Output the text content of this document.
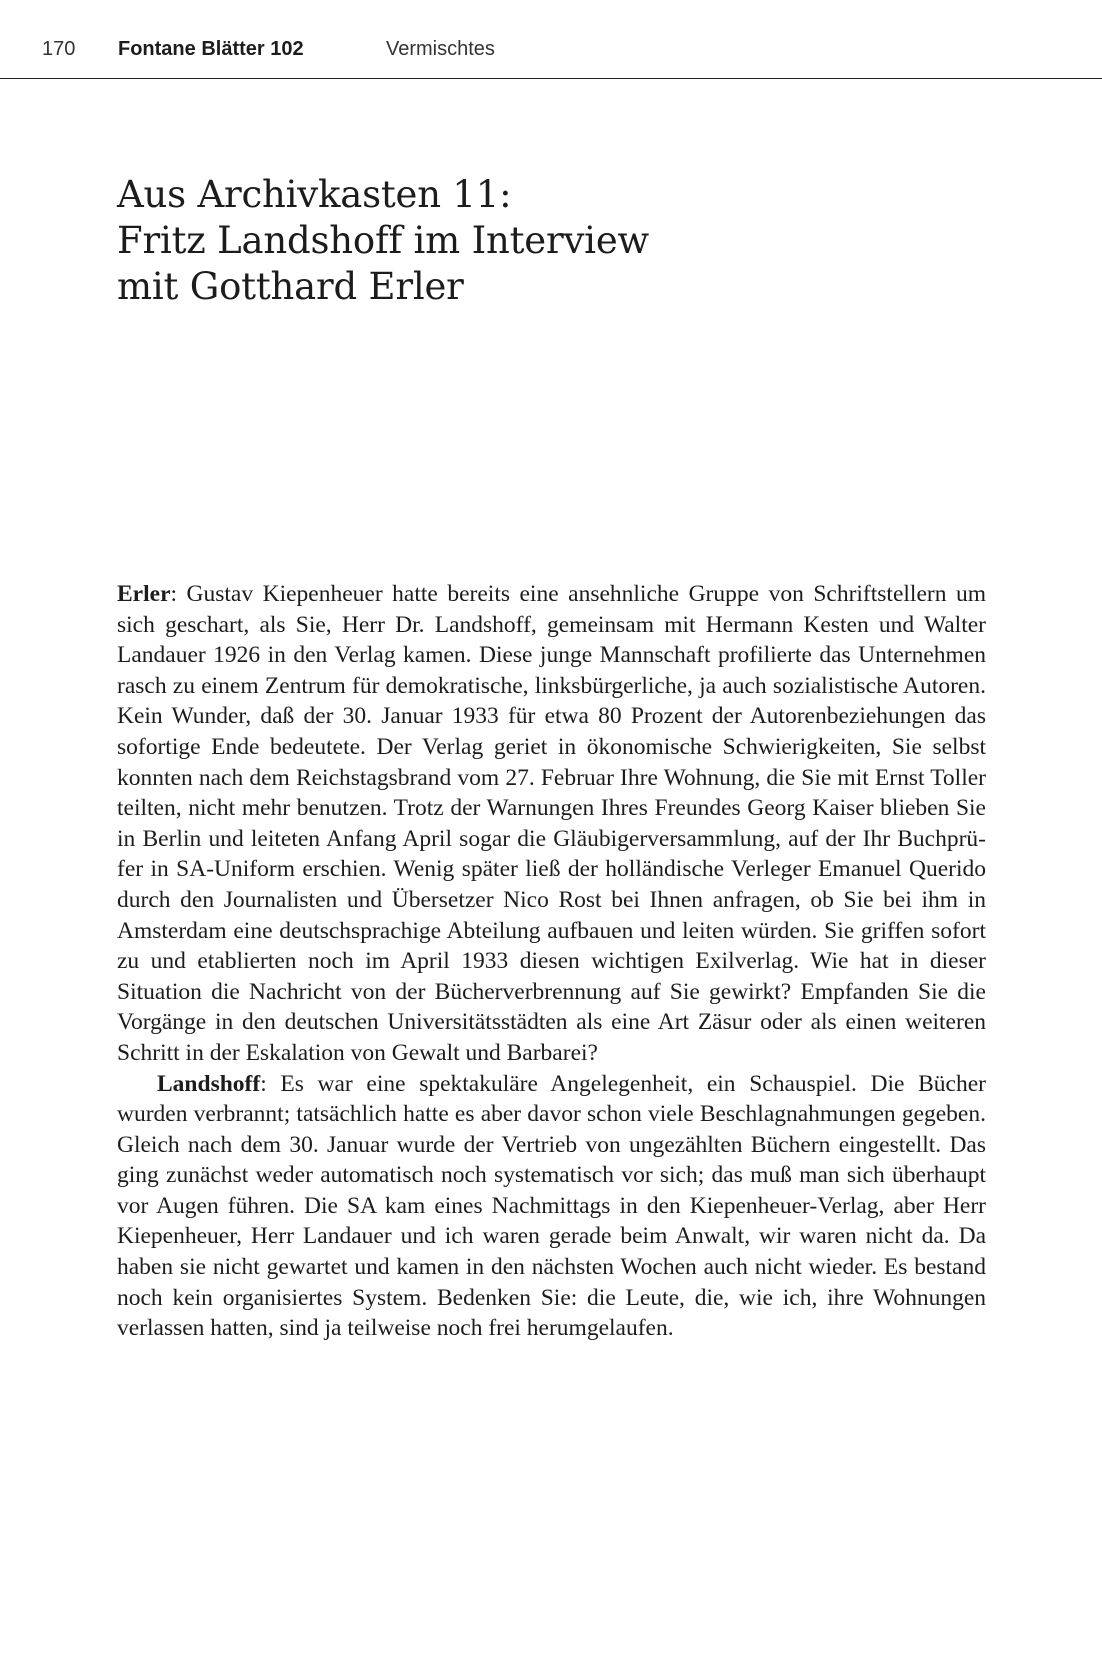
170 Fontane Blätter 102	Vermischtes
Aus Archivkasten 11:
Fritz Landshoff im Interview
mit Gotthard Erler

Erler: Gustav Kiepenheuer hatte bereits eine ansehnliche Gruppe von Schriftstellern um sich geschart, als Sie, Herr Dr. Landshoff, gemeinsam mit Hermann Kesten und Walter Landauer 1926 in den Verlag kamen. Diese junge Mannschaft profilierte das Unternehmen rasch zu einem Zentrum für demokratische, linksbürgerliche, ja auch sozialistische Autoren. Kein Wunder, daß der 30. Januar 1933 für etwa 80 Prozent der Autorenbeziehungen das sofortige Ende bedeutete. Der Verlag geriet in ökonomische Schwierigkeiten, Sie selbst konnten nach dem Reichstagsbrand vom 27. Februar Ihre Wohnung, die Sie mit Ernst Toller teilten, nicht mehr benutzen. Trotz der Warnungen Ihres Freundes Georg Kaiser blieben Sie in Berlin und leiteten Anfang April sogar die Gläubigerversammlung, auf der Ihr Buchprüfer in SA-Uniform erschien. Wenig später ließ der holländische Verleger Emanuel Querido durch den Journalisten und Übersetzer Nico Rost bei Ihnen anfragen, ob Sie bei ihm in Amsterdam eine deutschsprachige Abteilung aufbauen und leiten würden. Sie griffen sofort zu und etablierten noch im April 1933 diesen wichtigen Exilverlag. Wie hat in dieser Situation die Nachricht von der Bücherverbrennung auf Sie gewirkt? Empfanden Sie die Vorgänge in den deutschen Universitätsstädten als eine Art Zäsur oder als einen weiteren Schritt in der Eskalation von Gewalt und Barbarei?

Landshoff: Es war eine spektakuläre Angelegenheit, ein Schauspiel. Die Bücher wurden verbrannt; tatsächlich hatte es aber davor schon viele Beschlagnahmungen gegeben. Gleich nach dem 30. Januar wurde der Vertrieb von ungezählten Büchern eingestellt. Das ging zunächst weder automatisch noch systematisch vor sich; das muß man sich überhaupt vor Augen führen. Die SA kam eines Nachmittags in den Kiepenheuer-Verlag, aber Herr Kiepenheuer, Herr Landauer und ich waren gerade beim Anwalt, wir waren nicht da. Da haben sie nicht gewartet und kamen in den nächsten Wochen auch nicht wieder. Es bestand noch kein organisiertes System. Bedenken Sie: die Leute, die, wie ich, ihre Wohnungen verlassen hatten, sind ja teilweise noch frei herumgelaufen.
